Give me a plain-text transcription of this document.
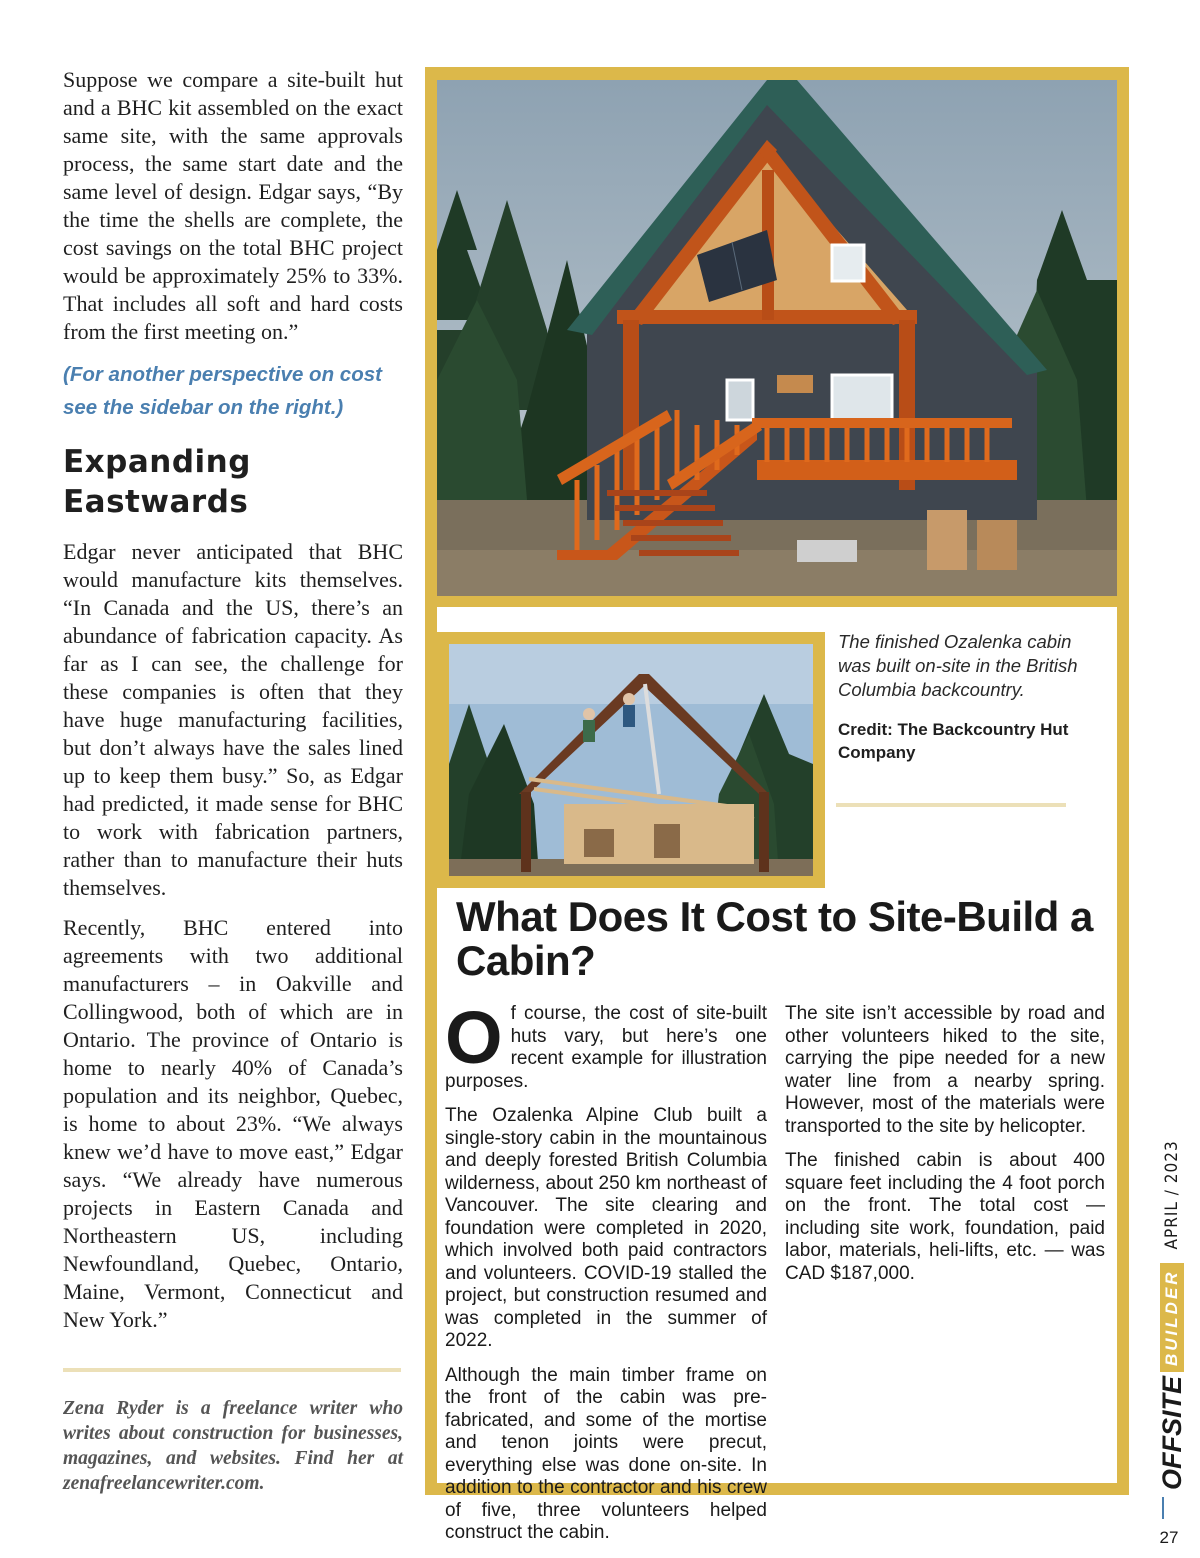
Suppose we compare a site-built hut and a BHC kit assembled on the exact same site, with the same approvals process, the same start date and the same level of design. Edgar says, “By the time the shells are complete, the cost savings on the total BHC project would be approximately 25% to 33%. That includes all soft and hard costs from the first meeting on.”

(For another perspective on cost see the sidebar on the right.)

Expanding Eastwards

Edgar never anticipated that BHC would manufacture kits themselves. “In Canada and the US, there’s an abundance of fabrication capacity. As far as I can see, the challenge for these companies is often that they have huge manufacturing facilities, but don’t always have the sales lined up to keep them busy.” So, as Edgar had predicted, it made sense for BHC to work with fabrication partners, rather than to manufacture their huts themselves.

Recently, BHC entered into agreements with two additional manufacturers – in Oakville and Collingwood, both of which are in Ontario. The province of Ontario is home to nearly 40% of Canada’s population and its neighbor, Quebec, is home to about 23%. “We always knew we’d have to move east,” Edgar says. “We already have numerous projects in Eastern Canada and Northeastern US, including Newfoundland, Quebec, Ontario, Maine, Vermont, Connecticut and New York.”

Zena Ryder is a freelance writer who writes about construction for businesses, magazines, and websites. Find her at zenafreelancewriter.com.

The finished Ozalenka cabin was built on-site in the British Columbia backcountry.

Credit: The Backcountry Hut Company

What Does It Cost to Site-Build a Cabin?

Of course, the cost of site-built huts vary, but here’s one recent example for illustration purposes.

The Ozalenka Alpine Club built a single-story cabin in the mountainous and deeply forested British Columbia wilderness, about 250 km northeast of Vancouver. The site clearing and foundation were completed in 2020, which involved both paid contractors and volunteers. COVID-19 stalled the project, but construction resumed and was completed in the summer of 2022.

Although the main timber frame on the front of the cabin was prefabricated, and some of the mortise and tenon joints were precut, everything else was done on-site. In addition to the contractor and his crew of five, three volunteers helped construct the cabin.

The site isn’t accessible by road and other volunteers hiked to the site, carrying the pipe needed for a new water line from a nearby spring. However, most of the materials were transported to the site by helicopter.

The finished cabin is about 400 square feet including the 4 foot porch on the front. The total cost — including site work, foundation, paid labor, materials, heli-lifts, etc. — was CAD $187,000.

OFFSITE
BUILDER
APRIL / 2023
27
